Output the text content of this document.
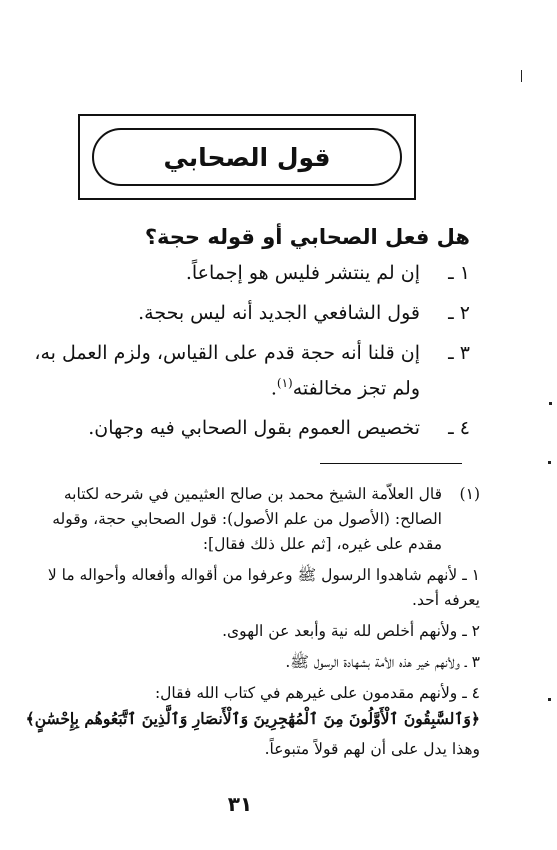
قول الصحابي
هل فعل الصحابي أو قوله حجة؟
١ ـ
إن لم ينتشر فليس هو إجماعاً.
٢ ـ
قول الشافعي الجديد أنه ليس بحجة.
٣ ـ
إن قلنا أنه حجة قدم على القياس، ولزم العمل به، ولم تجز مخالفته$^{(١)}$.
٤ ـ
تخصيص العموم بقول الصحابي فيه وجهان.
(١)
قال العلاّمة الشيخ محمد بن صالح العثيمين في شرحه لكتابه الصالح: (الأصول من علم الأصول): قول الصحابي حجة، وقوله مقدم على غيره، [ثم علل ذلك فقال]:
١ ـ لأنهم شاهدوا الرسول ﷺ وعرفوا من أقواله وأفعاله وأحواله ما لا يعرفه أحد.
٢ ـ ولأنهم أخلص لله نية وأبعد عن الهوى.
٣ ـ ولأنهم خير هذه الأمة بشهادة الرسول ﷺ.
٤ ـ ولأنهم مقدمون على غيرهم في كتاب الله فقال:
﴿وَٱلسَّٰبِقُونَ ٱلْأَوَّلُونَ مِنَ ٱلْمُهَٰجِرِينَ وَٱلْأَنصَارِ وَٱلَّذِينَ ٱتَّبَعُوهُم بِإِحْسَٰنٍ﴾
وهذا يدل على أن لهم قولاً متبوعاً.
٣١
